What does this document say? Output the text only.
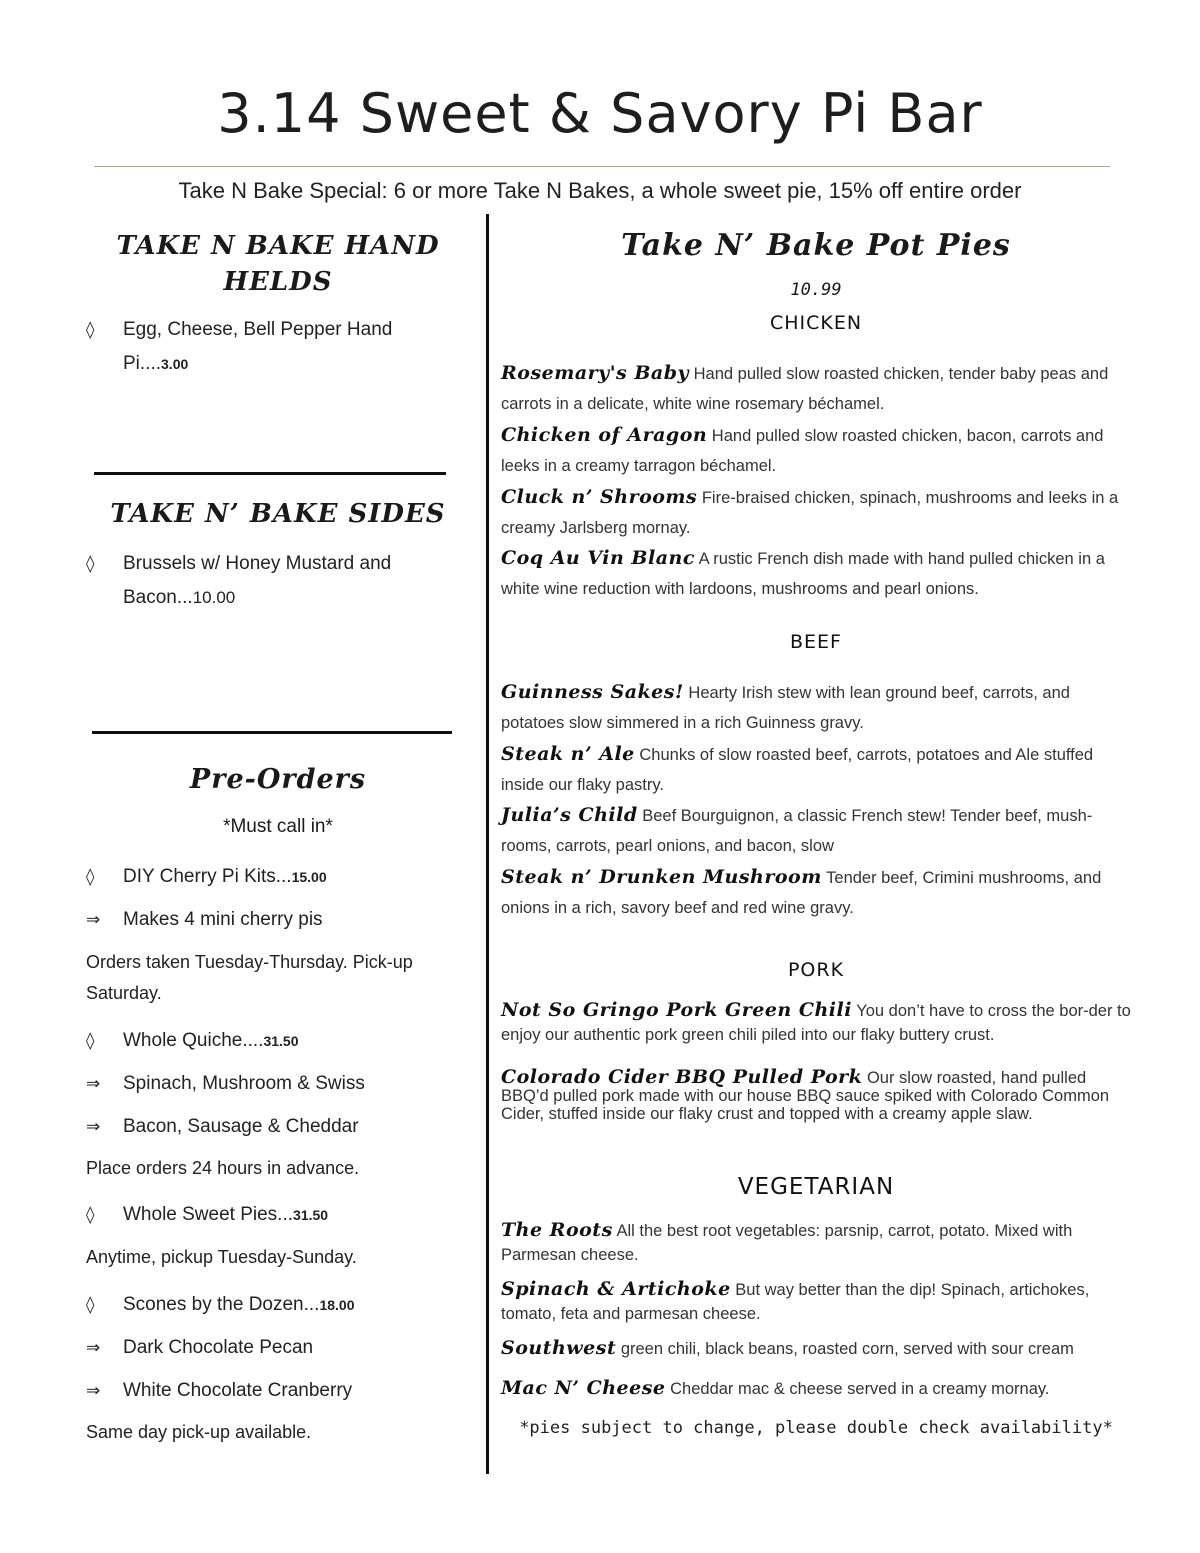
3.14 Sweet & Savory Pi Bar
Take N Bake Special: 6 or more Take N Bakes, a whole sweet pie, 15% off entire order
TAKE N BAKE HAND
HELDS
◊	Egg, Cheese, Bell Pepper Hand Pi....3.00
TAKE N’ BAKE SIDES
◊	Brussels w/ Honey Mustard and Bacon...10.00
Pre-Orders
*Must call in*
◊	DIY Cherry Pi Kits...15.00
⇒	Makes 4 mini cherry pis
Orders taken Tuesday-Thursday. Pick-up Saturday.
◊	Whole Quiche....31.50
⇒	Spinach, Mushroom & Swiss
⇒	Bacon, Sausage & Cheddar
Place orders 24 hours in advance.
◊	Whole Sweet Pies...31.50
Anytime, pickup Tuesday-Sunday.
◊	Scones by the Dozen...18.00
⇒	Dark Chocolate Pecan
⇒	White Chocolate Cranberry
Same day pick-up available.
Take N’ Bake Pot Pies
10.99
CHICKEN
Rosemary's Baby Hand pulled slow roasted chicken, tender baby peas and carrots in a delicate, white wine rosemary béchamel.
Chicken of Aragon Hand pulled slow roasted chicken, bacon, carrots and leeks in a creamy tarragon béchamel.
Cluck n’ Shrooms Fire-braised chicken, spinach, mushrooms and leeks in a creamy Jarlsberg mornay.
Coq Au Vin Blanc A rustic French dish made with hand pulled chicken in a white wine reduction with lardoons, mushrooms and pearl onions.
BEEF
Guinness Sakes! Hearty Irish stew with lean ground beef, carrots, and potatoes slow simmered in a rich Guinness gravy.
Steak n’ Ale Chunks of slow roasted beef, carrots, potatoes and Ale stuffed inside our flaky pastry.
Julia’s Child Beef Bourguignon, a classic French stew! Tender beef, mush-rooms, carrots, pearl onions, and bacon, slow
Steak n’ Drunken Mushroom Tender beef, Crimini mushrooms, and onions in a rich, savory beef and red wine gravy.
PORK
Not So Gringo Pork Green Chili You don’t have to cross the bor-der to enjoy our authentic pork green chili piled into our flaky buttery crust.
Colorado Cider BBQ Pulled Pork Our slow roasted, hand pulled BBQ’d pulled pork made with our house BBQ sauce spiked with Colorado Common Cider, stuffed inside our flaky crust and topped with a creamy apple slaw.
VEGETARIAN
The Roots All the best root vegetables: parsnip, carrot, potato. Mixed with Parmesan cheese.
Spinach & Artichoke But way better than the dip! Spinach, artichokes, tomato, feta and parmesan cheese.
Southwest green chili, black beans, roasted corn, served with sour cream
Mac N’ Cheese Cheddar mac & cheese served in a creamy mornay.
*pies subject to change, please double check availability*
